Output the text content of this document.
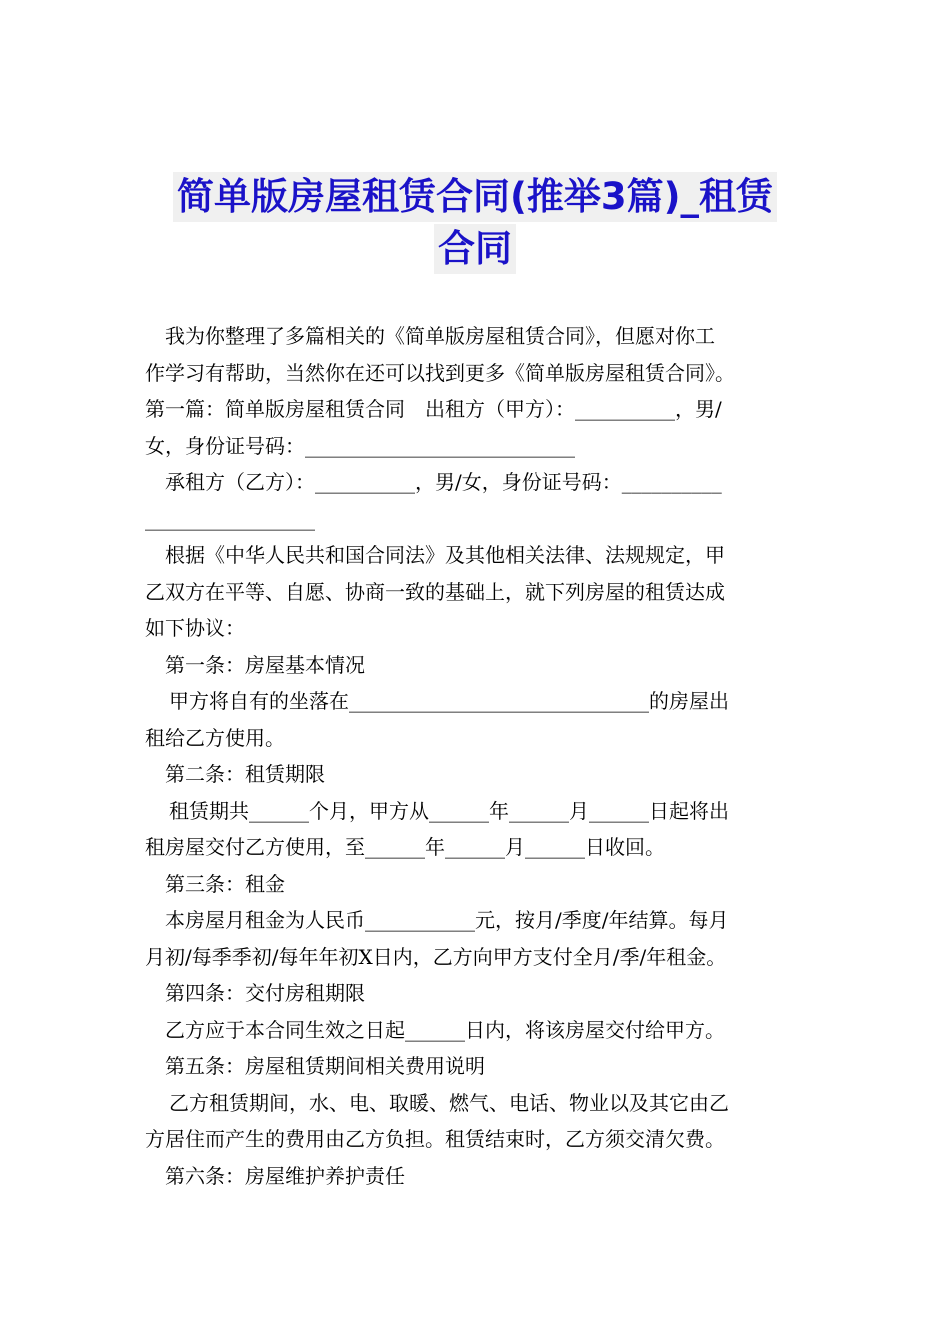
简单版房屋租赁合同(推举3篇)_租赁
合同
我为你整理了多篇相关的《简单版房屋租赁合同》，但愿对你工
作学习有帮助，当然你在还可以找到更多《简单版房屋租赁合同》。
第一篇：简单版房屋租赁合同　出租方（甲方）：__________，男/
女，身份证号码：___________________________
承租方（乙方）：__________，男/女，身份证号码：__________
_________________
根据《中华人民共和国合同法》及其他相关法律、法规规定，甲
乙双方在平等、自愿、协商一致的基础上，就下列房屋的租赁达成
如下协议：
第一条：房屋基本情况
甲方将自有的坐落在______________________________的房屋出
租给乙方使用。
第二条：租赁期限
租赁期共______个月，甲方从______年______月______日起将出
租房屋交付乙方使用，至______年______月______日收回。
第三条：租金
本房屋月租金为人民币___________元，按月/季度/年结算。每月
月初/每季季初/每年年初X日内，乙方向甲方支付全月/季/年租金。
第四条：交付房租期限
乙方应于本合同生效之日起______日内，将该房屋交付给甲方。
第五条：房屋租赁期间相关费用说明
乙方租赁期间，水、电、取暖、燃气、电话、物业以及其它由乙
方居住而产生的费用由乙方负担。租赁结束时，乙方须交清欠费。
第六条：房屋维护养护责任
